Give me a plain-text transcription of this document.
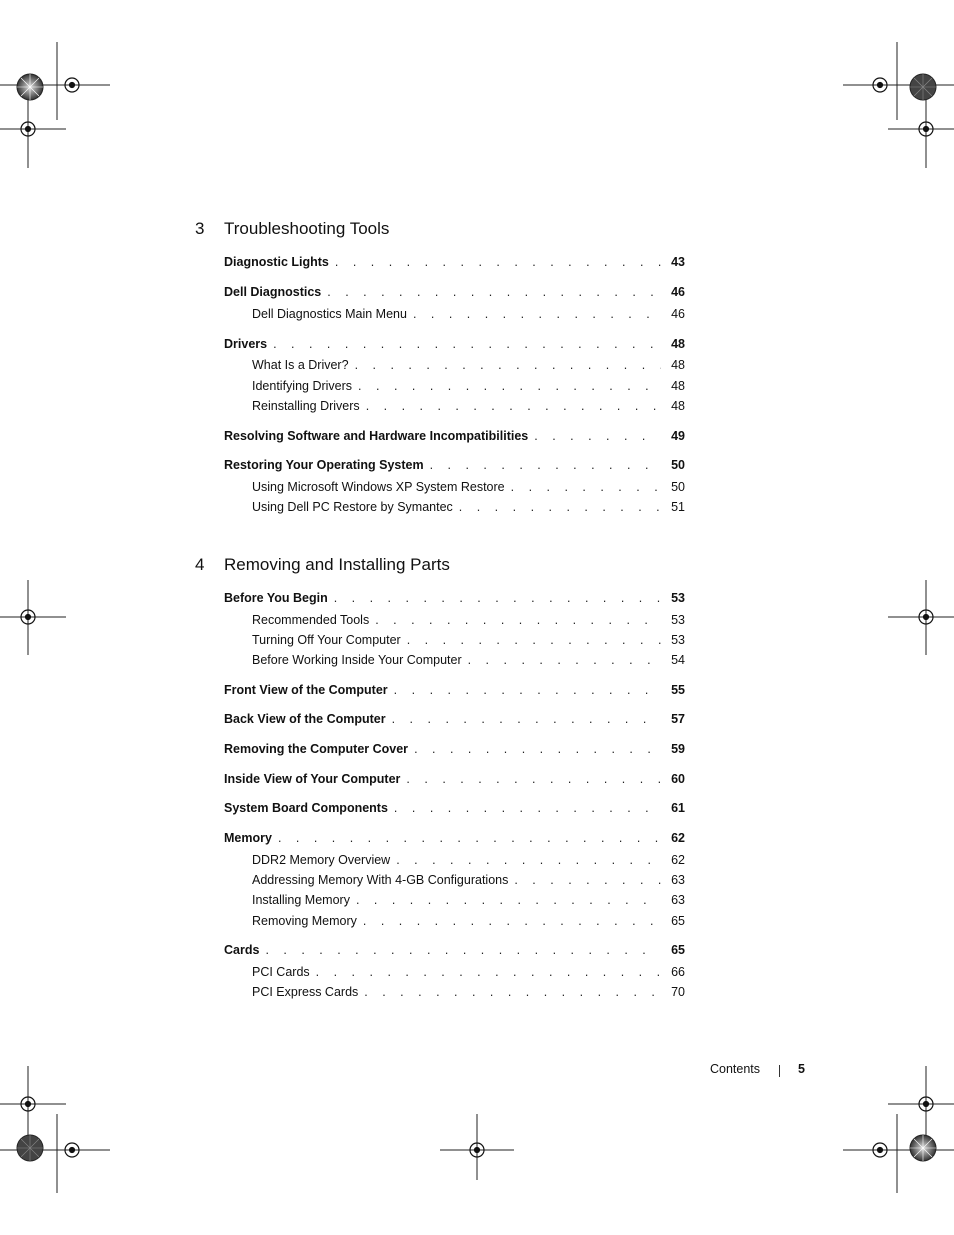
3 Troubleshooting Tools
Diagnostic Lights . . .	43
Dell Diagnostics . . .	46
Dell Diagnostics Main Menu . . .	46
Drivers . . .	48
What Is a Driver? . . .	48
Identifying Drivers . . .	48
Reinstalling Drivers . . .	48
Resolving Software and Hardware Incompatibilities . . .	49
Restoring Your Operating System . . .	50
Using Microsoft Windows XP System Restore . . .	50
Using Dell PC Restore by Symantec . . .	51
4 Removing and Installing Parts
Before You Begin . . .	53
Recommended Tools . . .	53
Turning Off Your Computer . . .	53
Before Working Inside Your Computer . . .	54
Front View of the Computer . . .	55
Back View of the Computer . . .	57
Removing the Computer Cover . . .	59
Inside View of Your Computer . . .	60
System Board Components . . .	61
Memory . . .	62
DDR2 Memory Overview . . .	62
Addressing Memory With 4-GB Configurations . . .	63
Installing Memory . . .	63
Removing Memory . . .	65
Cards . . .	65
PCI Cards . . .	66
PCI Express Cards . . .	70
Contents	5
